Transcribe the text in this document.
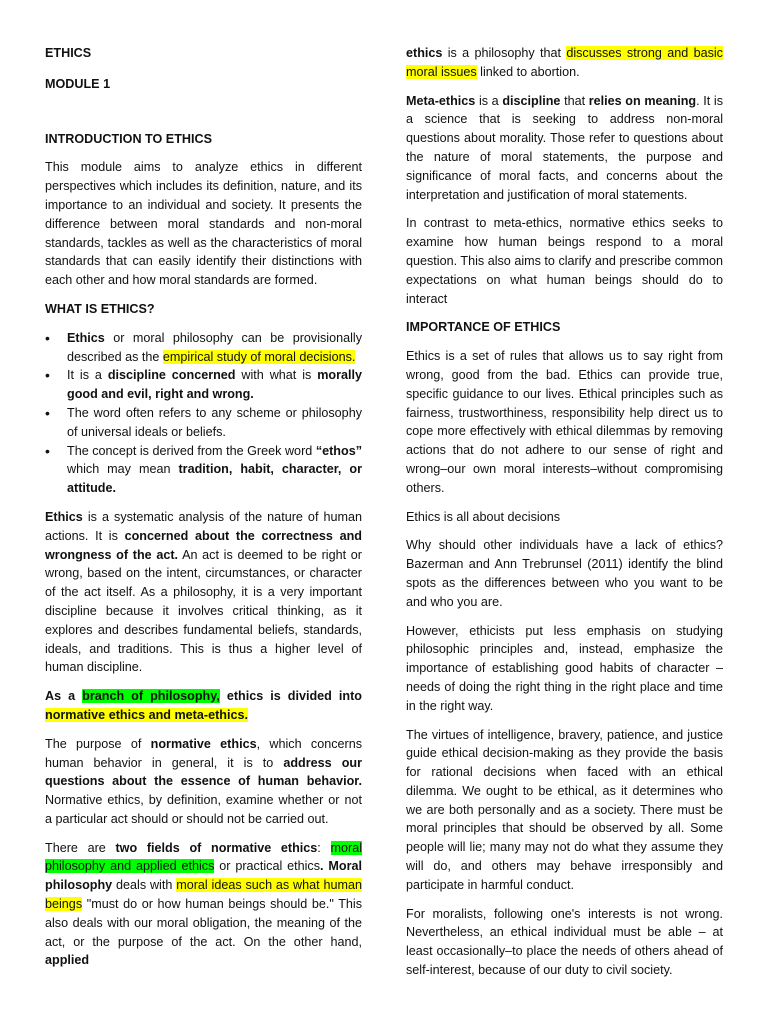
ETHICS

MODULE 1

INTRODUCTION TO ETHICS

This module aims to analyze ethics in different perspectives which includes its definition, nature, and its importance to an individual and society. It presents the difference between moral standards and non-moral standards, tackles as well as the characteristics of moral standards that can easily identify their distinctions with each other and how moral standards are formed.

WHAT IS ETHICS?

• Ethics or moral philosophy can be provisionally described as the empirical study of moral decisions.
• It is a discipline concerned with what is morally good and evil, right and wrong.
• The word often refers to any scheme or philosophy of universal ideals or beliefs.
• The concept is derived from the Greek word “ethos” which may mean tradition, habit, character, or attitude.

Ethics is a systematic analysis of the nature of human actions. It is concerned about the correctness and wrongness of the act. An act is deemed to be right or wrong, based on the intent, circumstances, or character of the act itself. As a philosophy, it is a very important discipline because it involves critical thinking, as it explores and describes fundamental beliefs, standards, ideals, and traditions. This is thus a higher level of human discipline.

As a branch of philosophy, ethics is divided into normative ethics and meta-ethics.

The purpose of normative ethics, which concerns human behavior in general, it is to address our questions about the essence of human behavior. Normative ethics, by definition, examine whether or not a particular act should or should not be carried out.

There are two fields of normative ethics: moral philosophy and applied ethics or practical ethics. Moral philosophy deals with moral ideas such as what human beings "must do or how human beings should be." This also deals with our moral obligation, the meaning of the act, or the purpose of the act. On the other hand, applied

ethics is a philosophy that discusses strong and basic moral issues linked to abortion.

Meta-ethics is a discipline that relies on meaning. It is a science that is seeking to address non-moral questions about morality. Those refer to questions about the nature of moral statements, the purpose and significance of moral facts, and concerns about the interpretation and justification of moral statements.

In contrast to meta-ethics, normative ethics seeks to examine how human beings respond to a moral question. This also aims to clarify and prescribe common expectations on what human beings should do to interact

IMPORTANCE OF ETHICS

Ethics is a set of rules that allows us to say right from wrong, good from the bad. Ethics can provide true, specific guidance to our lives. Ethical principles such as fairness, trustworthiness, responsibility help direct us to cope more effectively with ethical dilemmas by removing actions that do not adhere to our sense of right and wrong–our own moral interests–without compromising others.

Ethics is all about decisions

Why should other individuals have a lack of ethics? Bazerman and Ann Trebrunsel (2011) identify the blind spots as the differences between who you want to be and who you are.

However, ethicists put less emphasis on studying philosophic principles and, instead, emphasize the importance of establishing good habits of character – needs of doing the right thing in the right place and time in the right way.

The virtues of intelligence, bravery, patience, and justice guide ethical decision-making as they provide the basis for rational decisions when faced with an ethical dilemma. We ought to be ethical, as it determines who we are both personally and as a society. There must be moral principles that should be observed by all. Some people will lie; many may not do what they assume they will do, and others may behave irresponsibly and participate in harmful conduct.

For moralists, following one's interests is not wrong. Nevertheless, an ethical individual must be able – at least occasionally–to place the needs of others ahead of self-interest, because of our duty to civil society.
